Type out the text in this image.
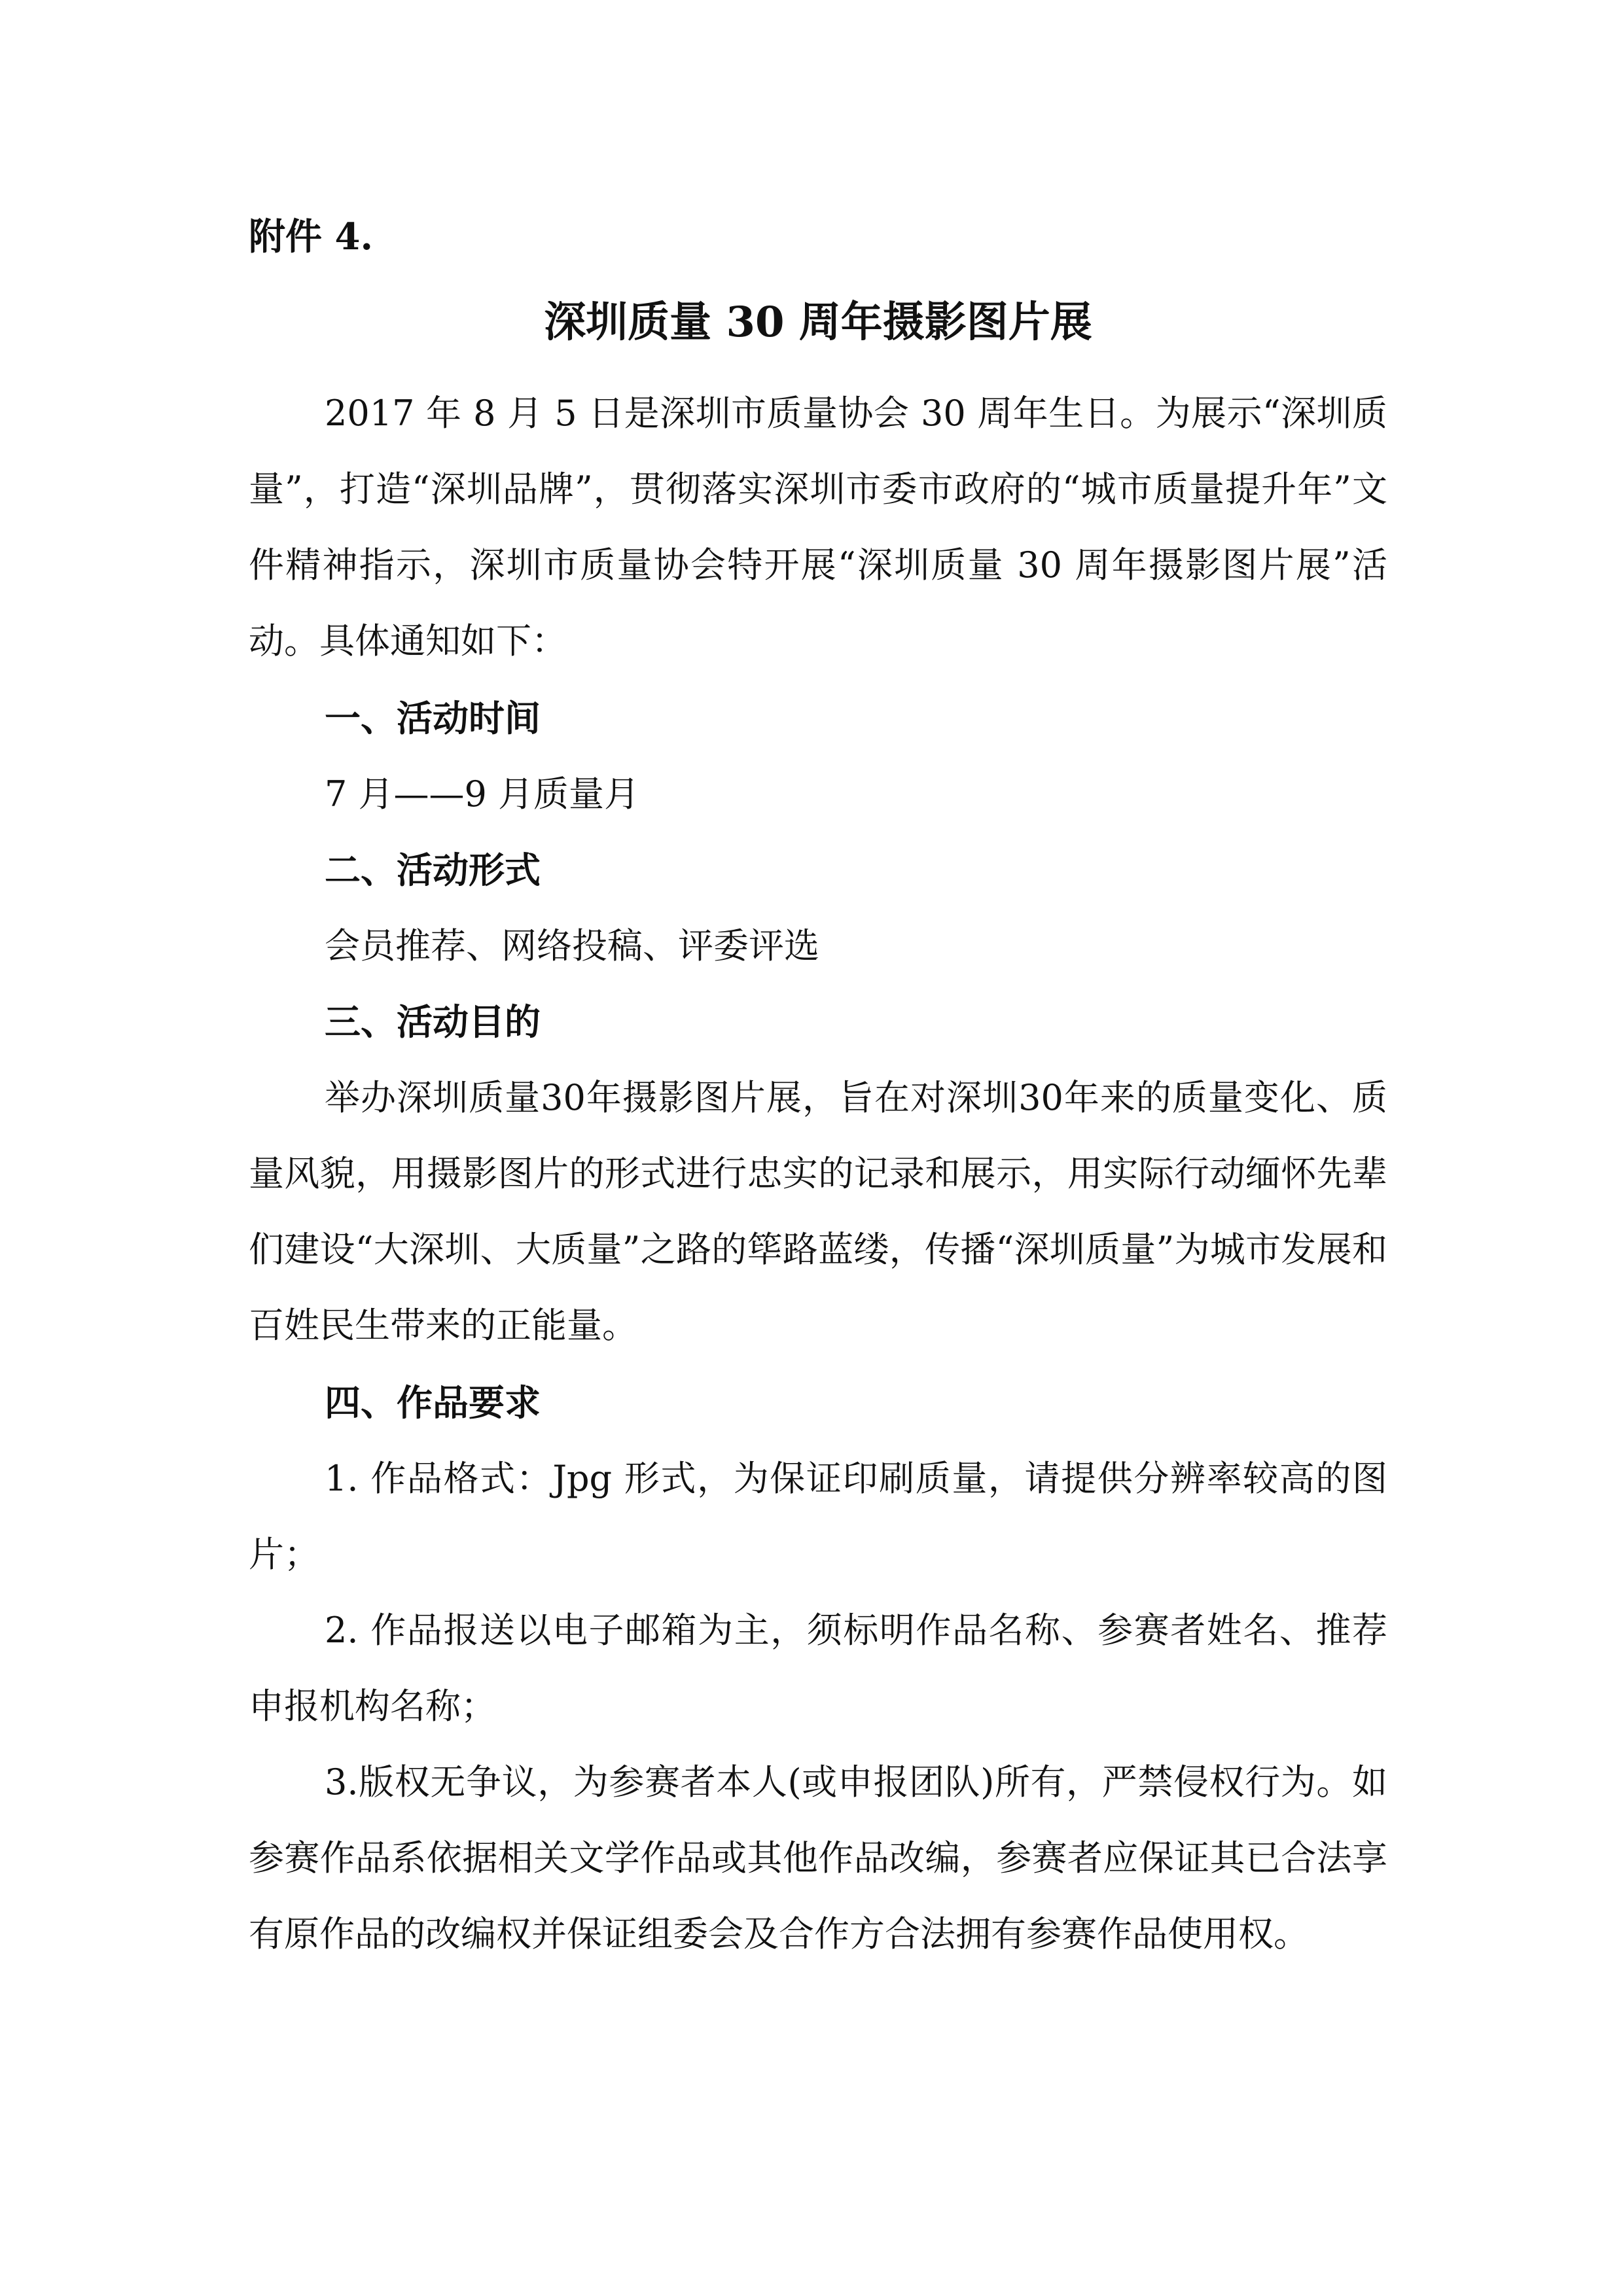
附件 4.
深圳质量 30 周年摄影图片展
2017 年 8 月 5 日是深圳市质量协会 30 周年生日。为展示“深圳质量”，打造“深圳品牌”，贯彻落实深圳市委市政府的“城市质量提升年”文件精神指示，深圳市质量协会特开展“深圳质量 30 周年摄影图片展”活动。具体通知如下：
一、活动时间
7 月——9 月质量月
二、活动形式
会员推荐、网络投稿、评委评选
三、活动目的
举办深圳质量30年摄影图片展，旨在对深圳30年来的质量变化、质量风貌，用摄影图片的形式进行忠实的记录和展示，用实际行动缅怀先辈们建设“大深圳、大质量”之路的筚路蓝缕，传播“深圳质量”为城市发展和百姓民生带来的正能量。
四、作品要求
1. 作品格式：Jpg 形式，为保证印刷质量，请提供分辨率较高的图片；
2. 作品报送以电子邮箱为主，须标明作品名称、参赛者姓名、推荐申报机构名称；
3.版权无争议，为参赛者本人(或申报团队)所有，严禁侵权行为。如参赛作品系依据相关文学作品或其他作品改编，参赛者应保证其已合法享有原作品的改编权并保证组委会及合作方合法拥有参赛作品使用权。
